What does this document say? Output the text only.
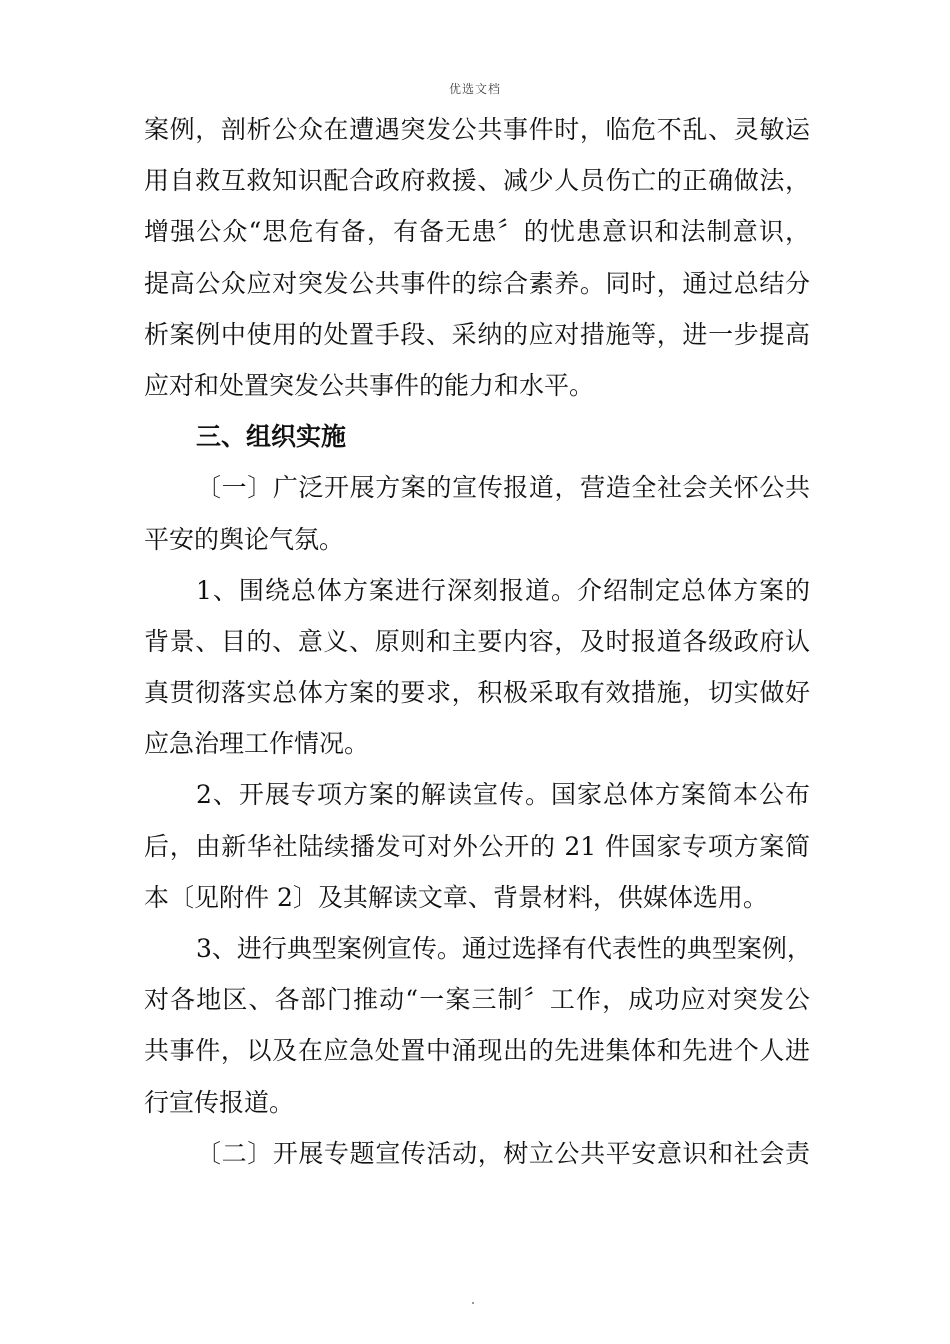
优选文档
案例，剖析公众在遭遇突发公共事件时，临危不乱、灵敏运
用自救互救知识配合政府救援、减少人员伤亡的正确做法，
增强公众“思危有备，有备无患〞的忧患意识和法制意识，
提高公众应对突发公共事件的综合素养。同时，通过总结分
析案例中使用的处置手段、采纳的应对措施等，进一步提高
应对和处置突发公共事件的能力和水平。
三、组织实施
〔一〕广泛开展方案的宣传报道，营造全社会关怀公共
平安的舆论气氛。
1、围绕总体方案进行深刻报道。介绍制定总体方案的
背景、目的、意义、原则和主要内容，及时报道各级政府认
真贯彻落实总体方案的要求，积极采取有效措施，切实做好
应急治理工作情况。
2、开展专项方案的解读宣传。国家总体方案简本公布
后，由新华社陆续播发可对外公开的 21 件国家专项方案简
本〔见附件 2〕及其解读文章、背景材料，供媒体选用。
3、进行典型案例宣传。通过选择有代表性的典型案例，
对各地区、各部门推动“一案三制〞工作，成功应对突发公
共事件，以及在应急处置中涌现出的先进集体和先进个人进
行宣传报道。
〔二〕开展专题宣传活动，树立公共平安意识和社会责
